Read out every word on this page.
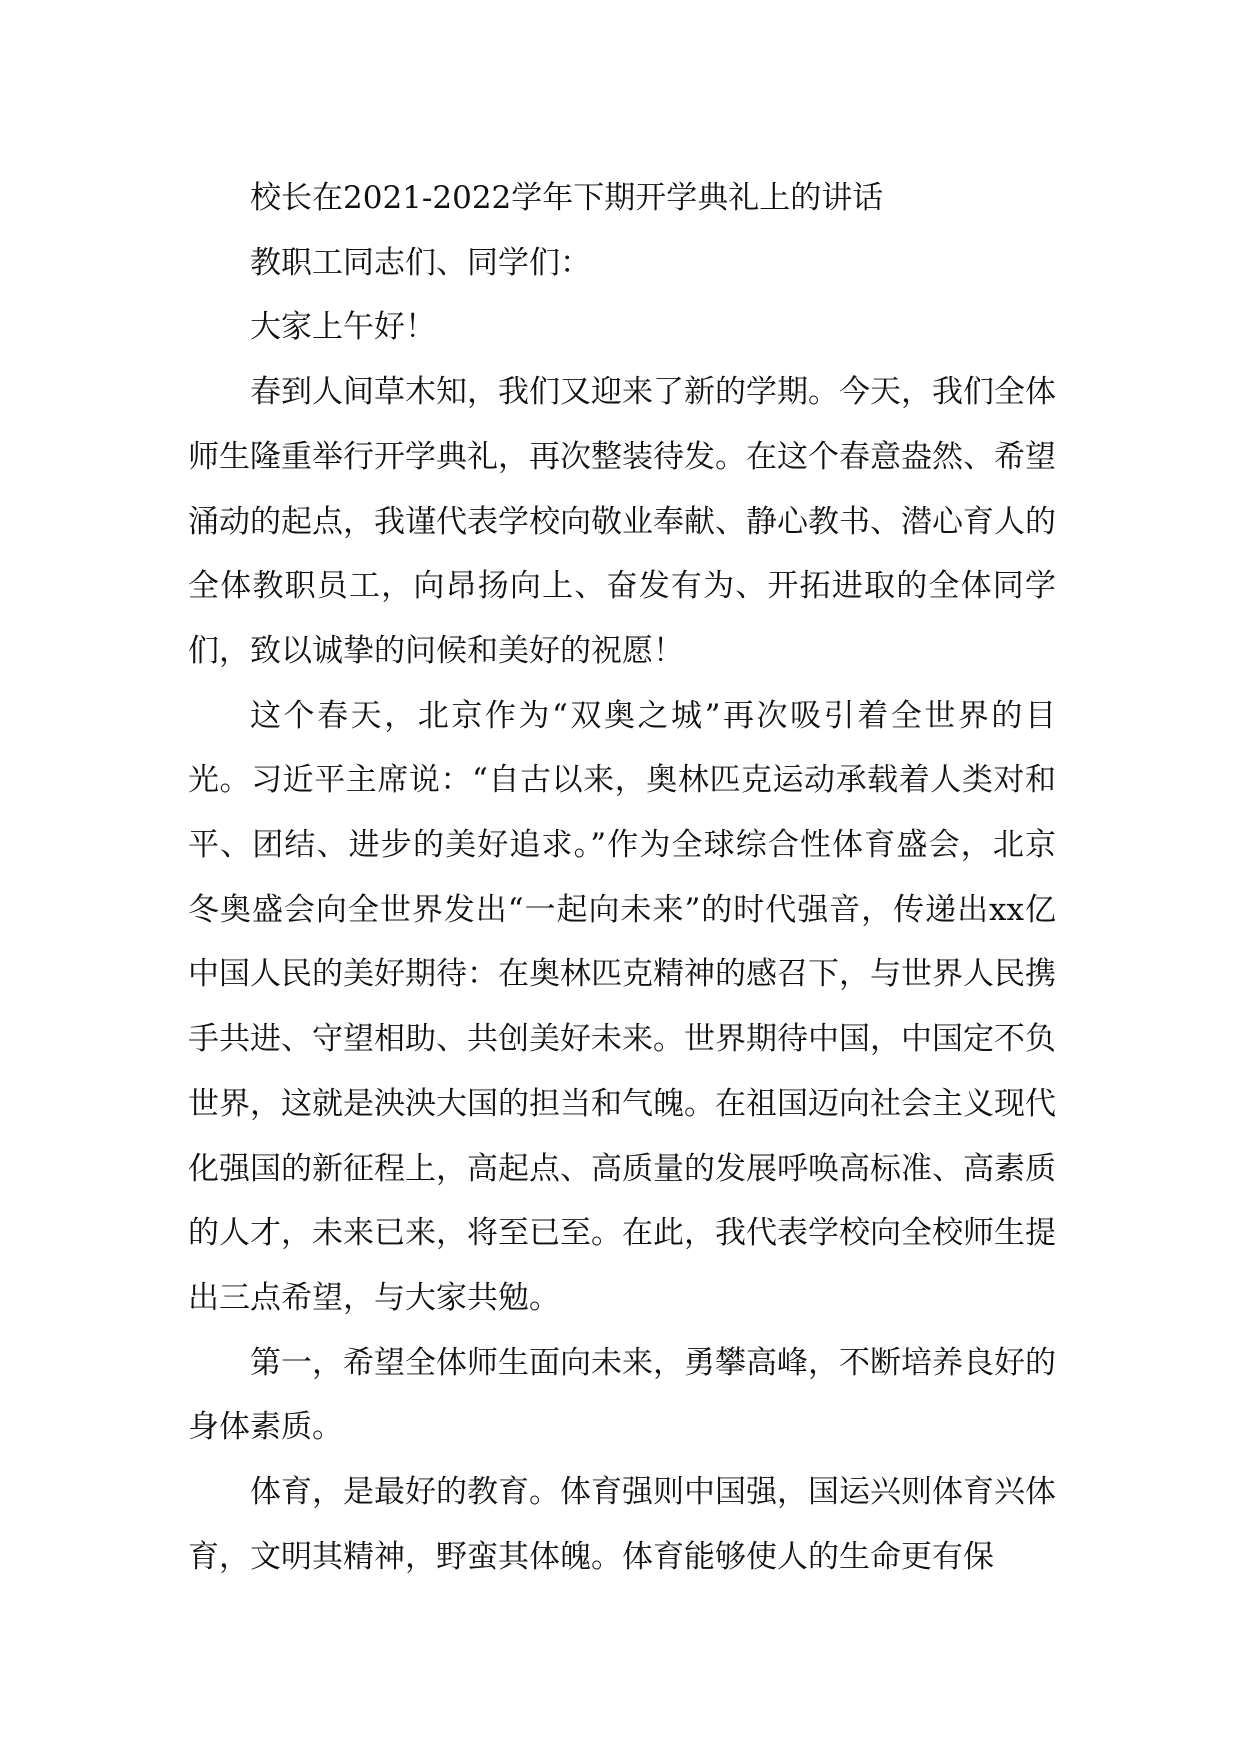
校长在2021-2022学年下期开学典礼上的讲话

教职工同志们、同学们：

大家上午好！

春到人间草木知，我们又迎来了新的学期。今天，我们全体师生隆重举行开学典礼，再次整装待发。在这个春意盎然、希望涌动的起点，我谨代表学校向敬业奉献、静心教书、潜心育人的全体教职员工，向昂扬向上、奋发有为、开拓进取的全体同学们，致以诚挚的问候和美好的祝愿！

这个春天，北京作为“双奥之城”再次吸引着全世界的目光。习近平主席说：“自古以来，奥林匹克运动承载着人类对和平、团结、进步的美好追求。”作为全球综合性体育盛会，北京冬奥盛会向全世界发出“一起向未来”的时代强音，传递出xx亿中国人民的美好期待：在奥林匹克精神的感召下，与世界人民携手共进、守望相助、共创美好未来。世界期待中国，中国定不负世界，这就是泱泱大国的担当和气魄。在祖国迈向社会主义现代化强国的新征程上，高起点、高质量的发展呼唤高标准、高素质的人才，未来已来，将至已至。在此，我代表学校向全校师生提出三点希望，与大家共勉。

第一，希望全体师生面向未来，勇攀高峰，不断培养良好的身体素质。

体育，是最好的教育。体育强则中国强，国运兴则体育兴体育，文明其精神，野蛮其体魄。体育能够使人的生命更有保
